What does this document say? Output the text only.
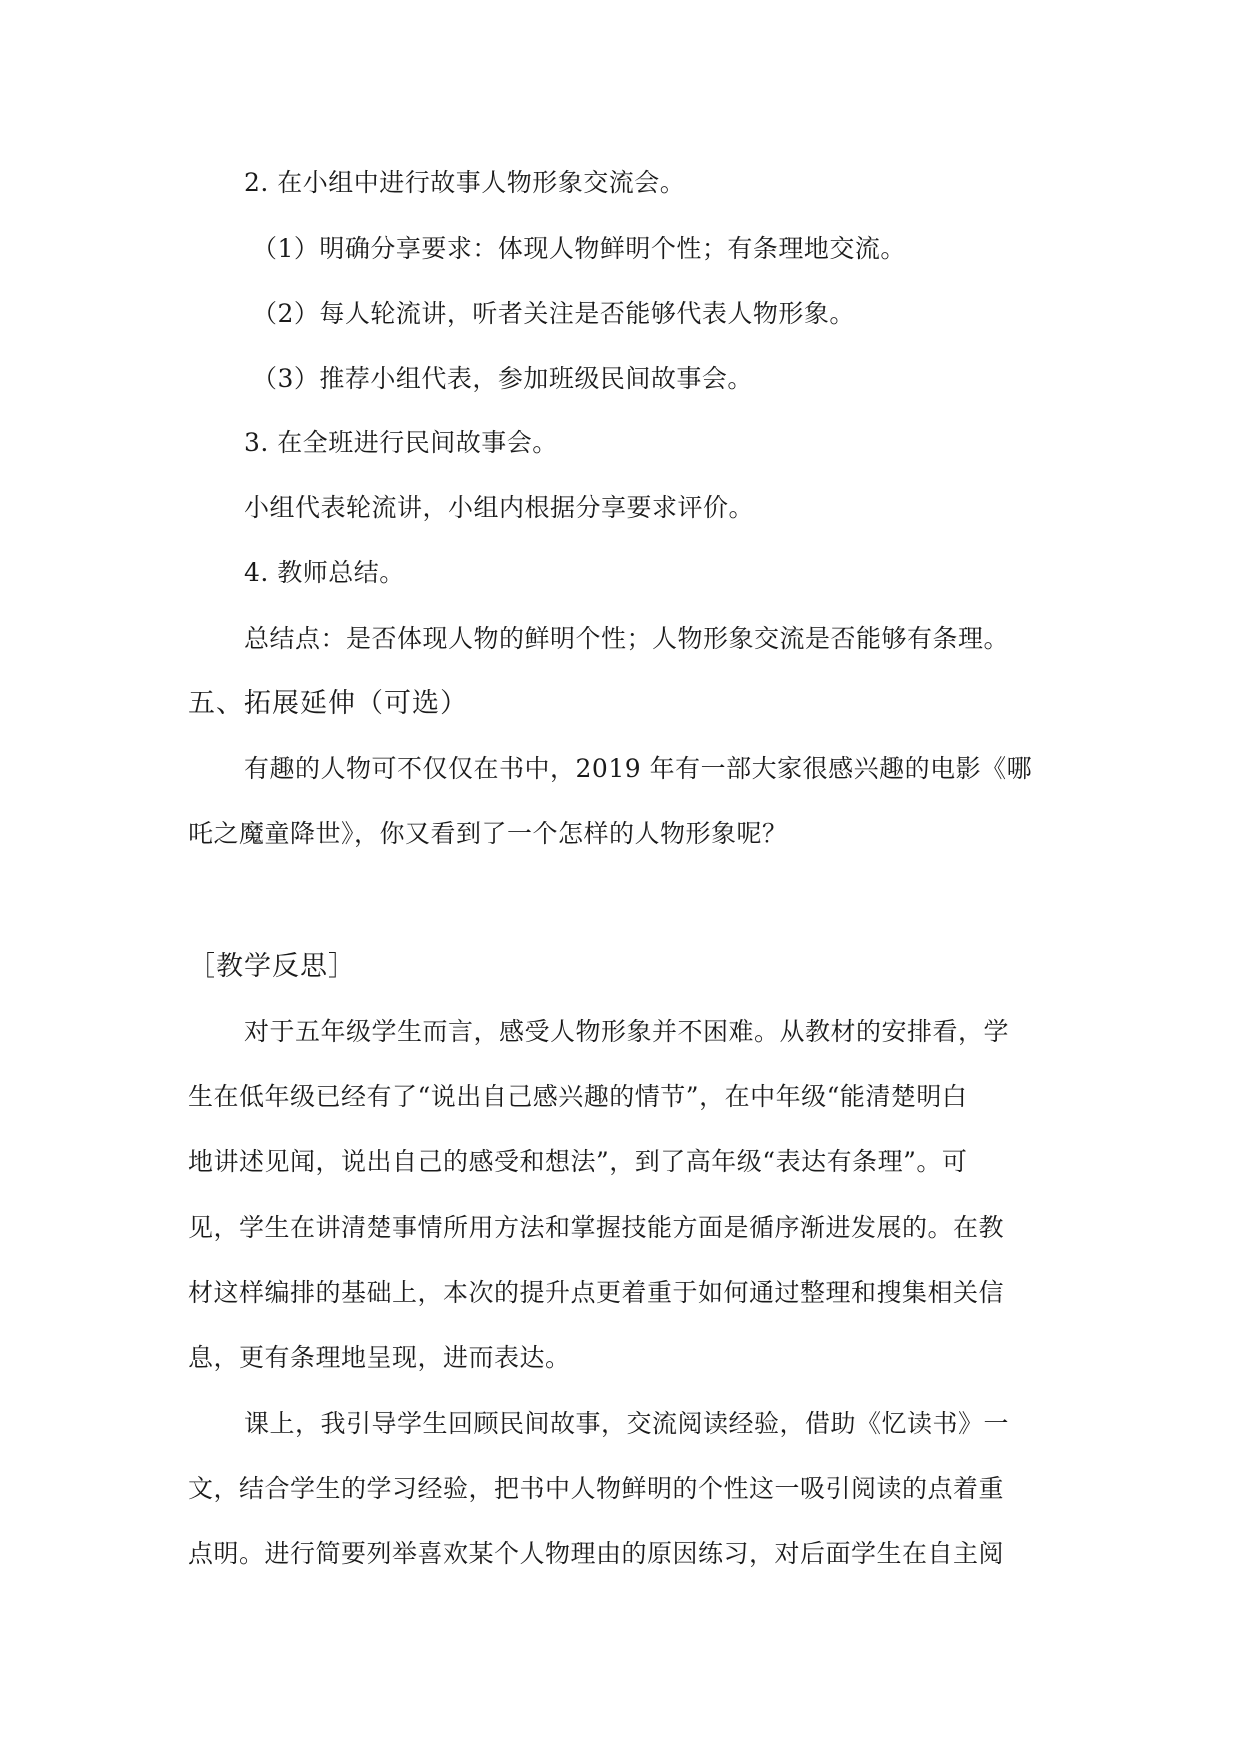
2. 在小组中进行故事人物形象交流会。
（1）明确分享要求：体现人物鲜明个性；有条理地交流。
（2）每人轮流讲，听者关注是否能够代表人物形象。
（3）推荐小组代表，参加班级民间故事会。
3. 在全班进行民间故事会。
小组代表轮流讲，小组内根据分享要求评价。
4. 教师总结。
总结点：是否体现人物的鲜明个性；人物形象交流是否能够有条理。
五、拓展延伸（可选）
有趣的人物可不仅仅在书中，2019 年有一部大家很感兴趣的电影《哪
吒之魔童降世》，你又看到了一个怎样的人物形象呢？
［教学反思］
对于五年级学生而言，感受人物形象并不困难。从教材的安排看，学
生在低年级已经有了“说出自己感兴趣的情节”，在中年级“能清楚明白
地讲述见闻，说出自己的感受和想法”，到了高年级“表达有条理”。可
见，学生在讲清楚事情所用方法和掌握技能方面是循序渐进发展的。在教
材这样编排的基础上，本次的提升点更着重于如何通过整理和搜集相关信
息，更有条理地呈现，进而表达。
课上，我引导学生回顾民间故事，交流阅读经验，借助《忆读书》一
文，结合学生的学习经验，把书中人物鲜明的个性这一吸引阅读的点着重
点明。进行简要列举喜欢某个人物理由的原因练习，对后面学生在自主阅
